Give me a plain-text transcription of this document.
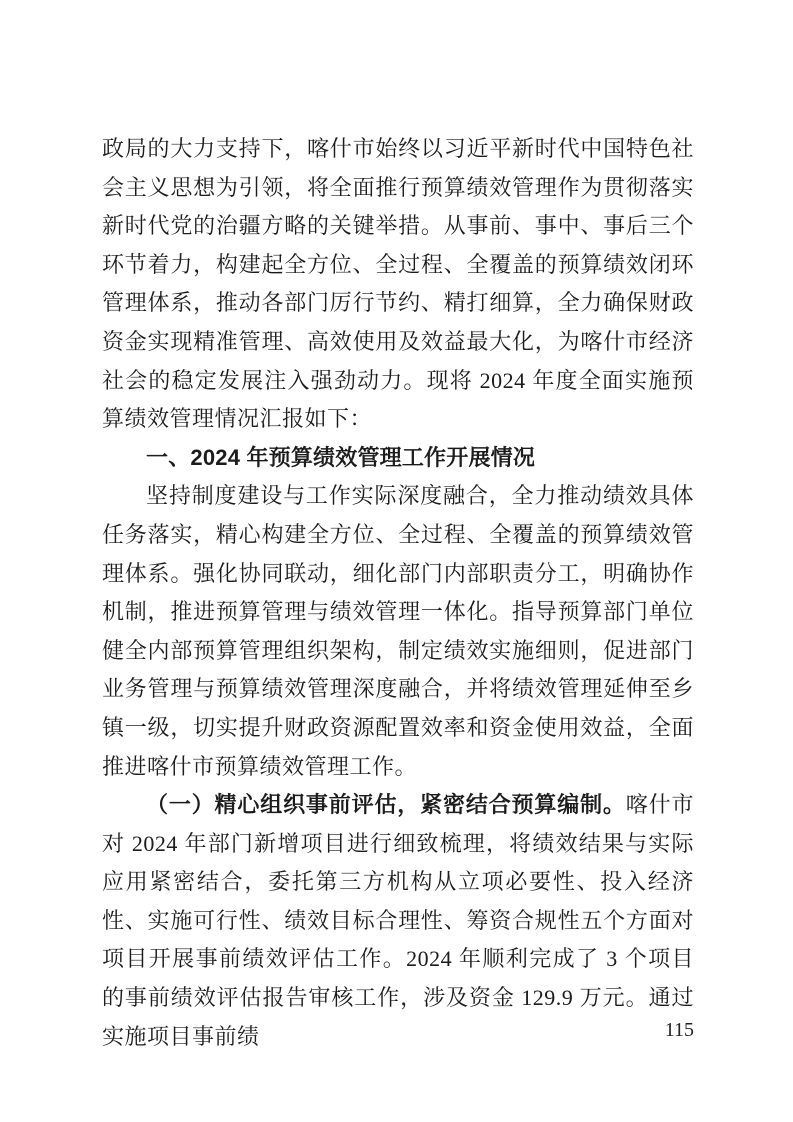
政局的大力支持下，喀什市始终以习近平新时代中国特色社会主义思想为引领，将全面推行预算绩效管理作为贯彻落实新时代党的治疆方略的关键举措。从事前、事中、事后三个环节着力，构建起全方位、全过程、全覆盖的预算绩效闭环管理体系，推动各部门厉行节约、精打细算，全力确保财政资金实现精准管理、高效使用及效益最大化，为喀什市经济社会的稳定发展注入强劲动力。现将 2024 年度全面实施预算绩效管理情况汇报如下：

一、2024 年预算绩效管理工作开展情况

坚持制度建设与工作实际深度融合，全力推动绩效具体任务落实，精心构建全方位、全过程、全覆盖的预算绩效管理体系。强化协同联动，细化部门内部职责分工，明确协作机制，推进预算管理与绩效管理一体化。指导预算部门单位健全内部预算管理组织架构，制定绩效实施细则，促进部门业务管理与预算绩效管理深度融合，并将绩效管理延伸至乡镇一级，切实提升财政资源配置效率和资金使用效益，全面推进喀什市预算绩效管理工作。

（一）精心组织事前评估，紧密结合预算编制。喀什市对 2024 年部门新增项目进行细致梳理，将绩效结果与实际应用紧密结合，委托第三方机构从立项必要性、投入经济性、实施可行性、绩效目标合理性、筹资合规性五个方面对项目开展事前绩效评估工作。2024 年顺利完成了 3 个项目的事前绩效评估报告审核工作，涉及资金 129.9 万元。通过实施项目事前绩	115
